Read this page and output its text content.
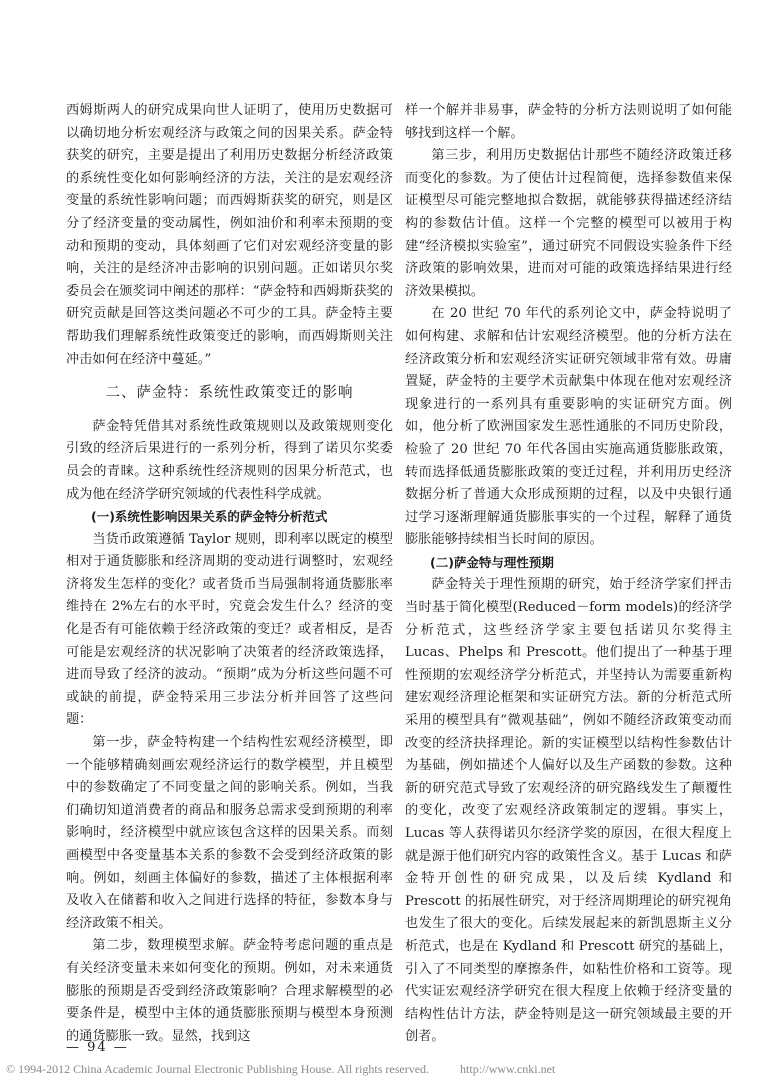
西姆斯两人的研究成果向世人证明了，使用历史数据可以确切地分析宏观经济与政策之间的因果关系。萨金特获奖的研究，主要是提出了利用历史数据分析经济政策的系统性变化如何影响经济的方法，关注的是宏观经济变量的系统性影响问题；而西姆斯获奖的研究，则是区分了经济变量的变动属性，例如油价和利率未预期的变动和预期的变动，具体刻画了它们对宏观经济变量的影响，关注的是经济冲击影响的识别问题。正如诺贝尔奖委员会在颁奖词中阐述的那样：“萨金特和西姆斯获奖的研究贡献是回答这类问题必不可少的工具。萨金特主要帮助我们理解系统性政策变迁的影响，而西姆斯则关注冲击如何在经济中蔓延。”

二、萨金特：系统性政策变迁的影响

萨金特凭借其对系统性政策规则以及政策规则变化引致的经济后果进行的一系列分析，得到了诺贝尔奖委员会的青睐。这种系统性经济规则的因果分析范式，也成为他在经济学研究领域的代表性科学成就。

(一)系统性影响因果关系的萨金特分析范式

当货币政策遵循 Taylor 规则，即利率以既定的模型相对于通货膨胀和经济周期的变动进行调整时，宏观经济将发生怎样的变化？或者货币当局强制将通货膨胀率维持在 2%左右的水平时，究竟会发生什么？经济的变化是否有可能依赖于经济政策的变迁？或者相反，是否可能是宏观经济的状况影响了决策者的经济政策选择，进而导致了经济的波动。“预期”成为分析这些问题不可或缺的前提，萨金特采用三步法分析并回答了这些问题：

第一步，萨金特构建一个结构性宏观经济模型，即一个能够精确刻画宏观经济运行的数学模型，并且模型中的参数确定了不同变量之间的影响关系。例如，当我们确切知道消费者的商品和服务总需求受到预期的利率影响时，经济模型中就应该包含这样的因果关系。而刻画模型中各变量基本关系的参数不会受到经济政策的影响。例如，刻画主体偏好的参数，描述了主体根据利率及收入在储蓄和收入之间进行选择的特征，参数本身与经济政策不相关。

第二步，数理模型求解。萨金特考虑问题的重点是有关经济变量未来如何变化的预期。例如，对未来通货膨胀的预期是否受到经济政策影响？合理求解模型的必要条件是，模型中主体的通货膨胀预期与模型本身预测的通货膨胀一致。显然，找到这

样一个解并非易事，萨金特的分析方法则说明了如何能够找到这样一个解。

第三步，利用历史数据估计那些不随经济政策迁移而变化的参数。为了使估计过程简便，选择参数值来保证模型尽可能完整地拟合数据，就能够获得描述经济结构的参数估计值。这样一个完整的模型可以被用于构建“经济模拟实验室”，通过研究不同假设实验条件下经济政策的影响效果，进而对可能的政策选择结果进行经济效果模拟。

在 20 世纪 70 年代的系列论文中，萨金特说明了如何构建、求解和估计宏观经济模型。他的分析方法在经济政策分析和宏观经济实证研究领域非常有效。毋庸置疑，萨金特的主要学术贡献集中体现在他对宏观经济现象进行的一系列具有重要影响的实证研究方面。例如，他分析了欧洲国家发生恶性通胀的不同历史阶段，检验了 20 世纪 70 年代各国由实施高通货膨胀政策，转而选择低通货膨胀政策的变迁过程，并利用历史经济数据分析了普通大众形成预期的过程，以及中央银行通过学习逐渐理解通货膨胀事实的一个过程，解释了通货膨胀能够持续相当长时间的原因。

(二)萨金特与理性预期

萨金特关于理性预期的研究，始于经济学家们抨击当时基于简化模型(Reduced－form models)的经济学分析范式，这些经济学家主要包括诺贝尔奖得主 Lucas、Phelps 和 Prescott。他们提出了一种基于理性预期的宏观经济学分析范式，并坚持认为需要重新构建宏观经济理论框架和实证研究方法。新的分析范式所采用的模型具有“微观基础”，例如不随经济政策变动而改变的经济抉择理论。新的实证模型以结构性参数估计为基础，例如描述个人偏好以及生产函数的参数。这种新的研究范式导致了宏观经济的研究路线发生了颠覆性的变化，改变了宏观经济政策制定的逻辑。事实上，Lucas 等人获得诺贝尔经济学奖的原因，在很大程度上就是源于他们研究内容的政策性含义。基于 Lucas 和萨金特开创性的研究成果，以及后续 Kydland 和 Prescott 的拓展性研究，对于经济周期理论的研究视角也发生了很大的变化。后续发展起来的新凯恩斯主义分析范式，也是在 Kydland 和 Prescott 研究的基础上，引入了不同类型的摩擦条件，如粘性价格和工资等。现代实证宏观经济学研究在很大程度上依赖于经济变量的结构性估计方法，萨金特则是这一研究领域最主要的开创者。

— 94 —
© 1994-2012 China Academic Journal Electronic Publishing House. All rights reserved.	http://www.cnki.net
